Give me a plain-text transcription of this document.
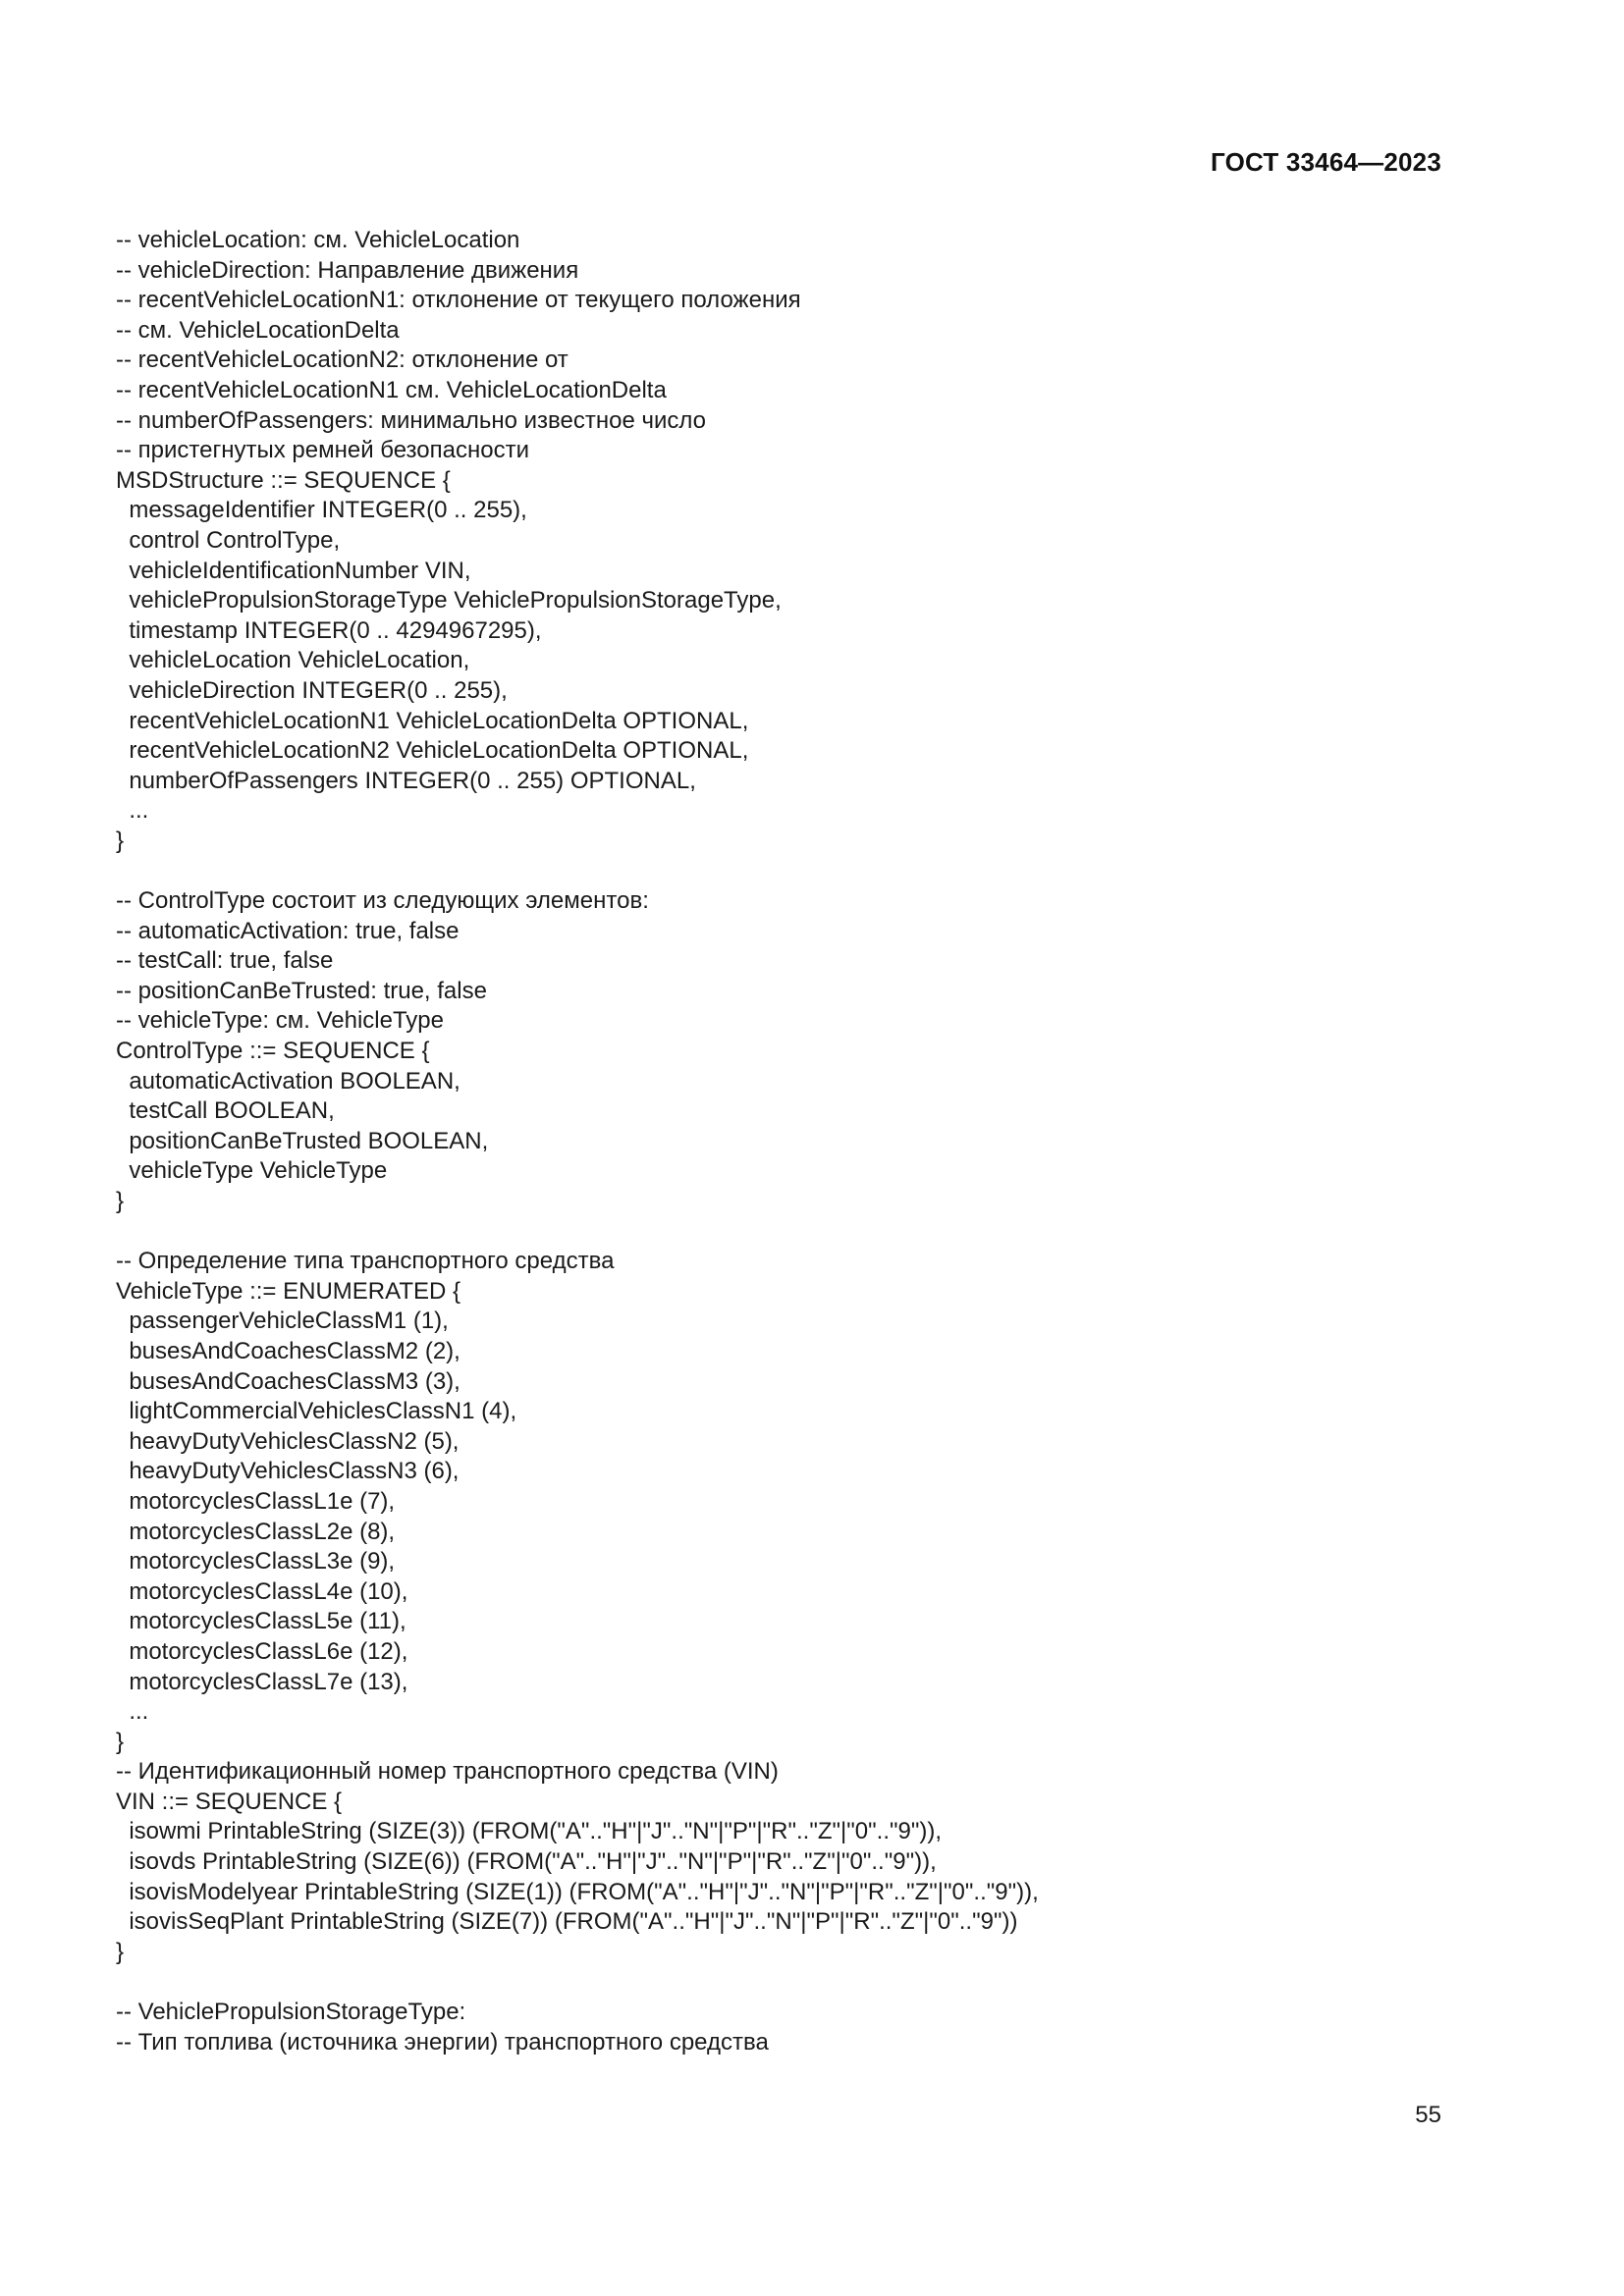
ГОСТ 33464—2023
-- vehicleLocation: см. VehicleLocation
-- vehicleDirection: Направление движения
-- recentVehicleLocationN1: отклонение от текущего положения
-- см. VehicleLocationDelta
-- recentVehicleLocationN2: отклонение от
-- recentVehicleLocationN1 см. VehicleLocationDelta
-- numberOfPassengers: минимально известное число
-- пристегнутых ремней безопасности
MSDStructure ::= SEQUENCE {
messageIdentifier INTEGER(0 .. 255),
control ControlType,
vehicleIdentificationNumber VIN,
vehiclePropulsionStorageType VehiclePropulsionStorageType,
timestamp INTEGER(0 .. 4294967295),
vehicleLocation VehicleLocation,
vehicleDirection INTEGER(0 .. 255),
recentVehicleLocationN1 VehicleLocationDelta OPTIONAL,
recentVehicleLocationN2 VehicleLocationDelta OPTIONAL,
numberOfPassengers INTEGER(0 .. 255) OPTIONAL,
...
}
-- ControlType состоит из следующих элементов:
-- automaticActivation: true, false
-- testCall: true, false
-- positionCanBeTrusted: true, false
-- vehicleType: см. VehicleType
ControlType ::= SEQUENCE {
automaticActivation BOOLEAN,
testCall BOOLEAN,
positionCanBeTrusted BOOLEAN,
vehicleType VehicleType
}
-- Определение типа транспортного средства
VehicleType ::= ENUMERATED {
passengerVehicleClassM1 (1),
busesAndCoachesClassM2 (2),
busesAndCoachesClassM3 (3),
lightCommercialVehiclesClassN1 (4),
heavyDutyVehiclesClassN2 (5),
heavyDutyVehiclesClassN3 (6),
motorcyclesClassL1e (7),
motorcyclesClassL2e (8),
motorcyclesClassL3e (9),
motorcyclesClassL4e (10),
motorcyclesClassL5e (11),
motorcyclesClassL6e (12),
motorcyclesClassL7e (13),
...
}
-- Идентификационный номер транспортного средства (VIN)
VIN ::= SEQUENCE {
isowmi PrintableString (SIZE(3)) (FROM("A".."H"|"J".."N"|"P"|"R".."Z"|"0".."9")),
isovds PrintableString (SIZE(6)) (FROM("A".."H"|"J".."N"|"P"|"R".."Z"|"0".."9")),
isovisModelyear PrintableString (SIZE(1)) (FROM("A".."H"|"J".."N"|"P"|"R".."Z"|"0".."9")),
isovisSeqPlant PrintableString (SIZE(7)) (FROM("A".."H"|"J".."N"|"P"|"R".."Z"|"0".."9"))
}
-- VehiclePropulsionStorageType:
-- Тип топлива (источника энергии) транспортного средства
55
